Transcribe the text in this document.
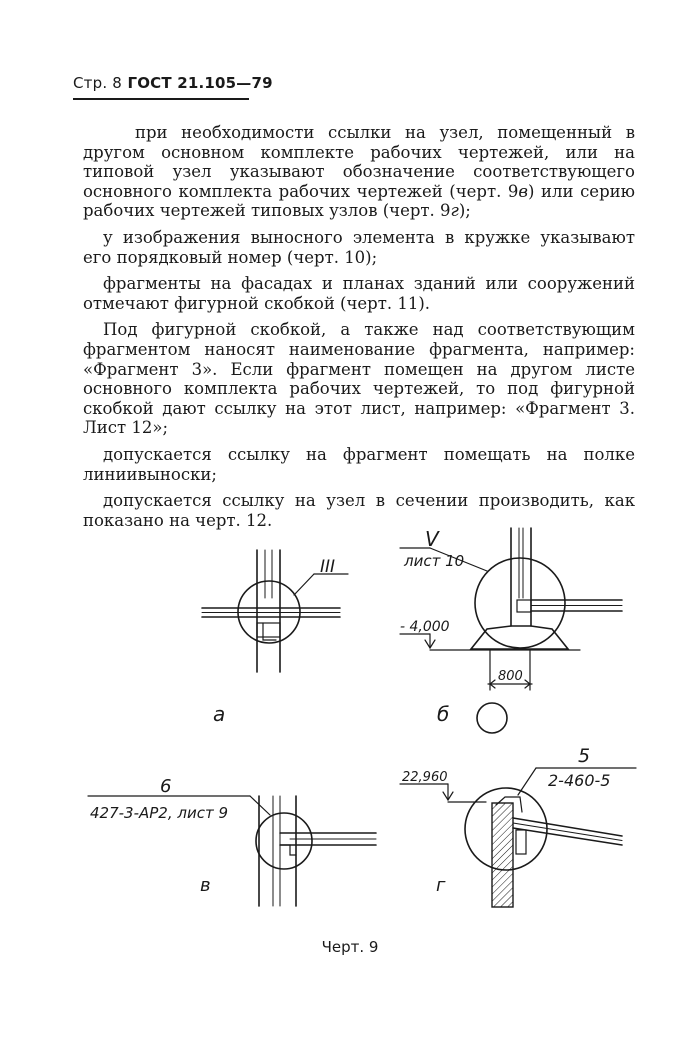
Стр. 8 ГОСТ 21.105—79

при необходимости ссылки на узел, помещенный в другом основном комплекте рабочих чертежей, или на типовой узел указывают обозначение соответствующего основного комплекта рабочих чертежей (черт. 9в) или серию рабочих чертежей типовых узлов (черт. 9г);

у изображения выносного элемента в кружке указывают его порядковый номер (черт. 10);

фрагменты на фасадах и планах зданий или сооружений отмечают фигурной скобкой (черт. 11).

Под фигурной скобкой, а также над соответствующим фрагментом наносят наименование фрагмента, например: «Фрагмент 3». Если фрагмент помещен на другом листе основного комплекта рабочих чертежей, то под фигурной скобкой дают ссылку на этот лист, например: «Фрагмент 3. Лист 12»;

допускается ссылку на фрагмент помещать на полке линиивыноски;

допускается ссылку на узел в сечении производить, как показано на черт. 12.

III
а
V
лист 10
- 4,000
800
б
6
427-3-АР2, лист 9
в
5
2-460-5
22,960
г
Черт. 9
